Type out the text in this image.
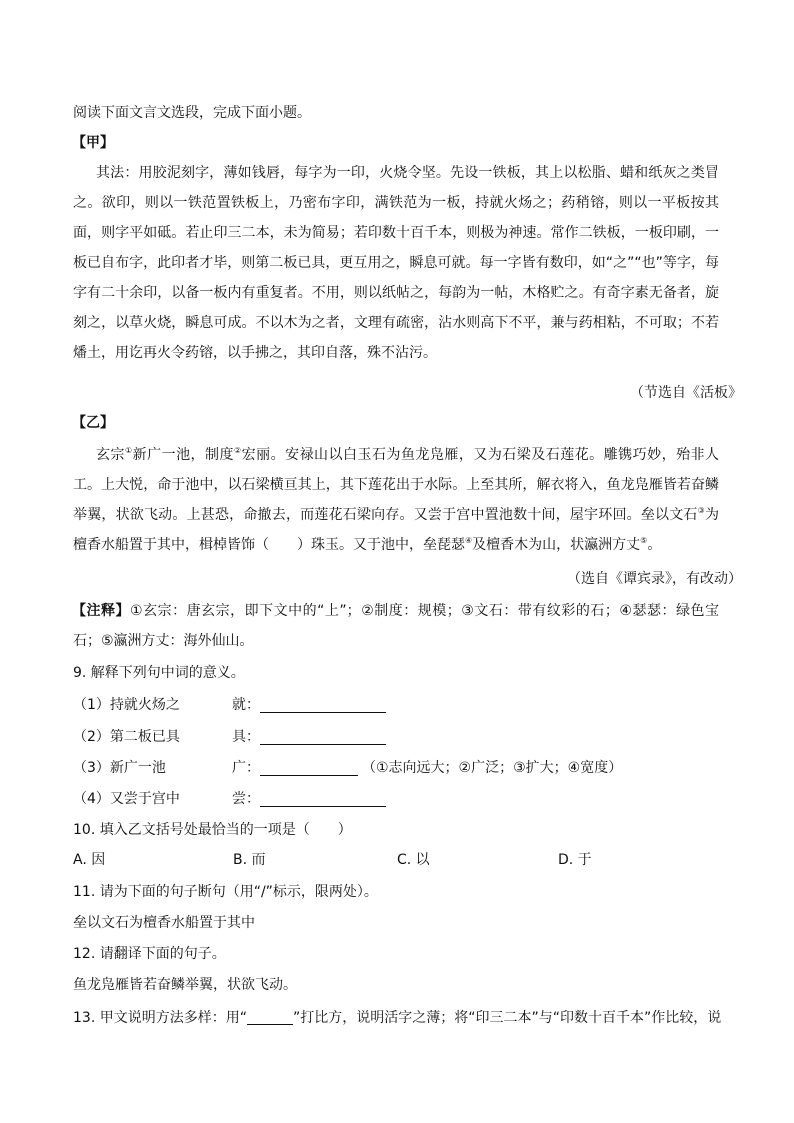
阅读下面文言文选段，完成下面小题。
【甲】
其法：用胶泥刻字，薄如钱唇，每字为一印，火烧令坚。先设一铁板，其上以松脂、蜡和纸灰之类冒
之。欲印，则以一铁范置铁板上，乃密布字印，满铁范为一板，持就火炀之；药稍镕，则以一平板按其
面，则字平如砥。若止印三二本，未为简易；若印数十百千本，则极为神速。常作二铁板，一板印刷，一
板已自布字，此印者才毕，则第二板已具，更互用之，瞬息可就。每一字皆有数印，如“之”“也”等字，每
字有二十余印，以备一板内有重复者。不用，则以纸帖之，每韵为一帖，木格贮之。有奇字素无备者，旋
刻之，以草火烧，瞬息可成。不以木为之者，文理有疏密，沾水则高下不平，兼与药相粘，不可取；不若
燔土，用讫再火令药镕，以手拂之，其印自落，殊不沾污。
（节选自《活板》
【乙】
玄宗①新广一池，制度②宏丽。安禄山以白玉石为鱼龙凫雁，又为石梁及石莲花。雕镌巧妙，殆非人
工。上大悦，命于池中，以石梁横亘其上，其下莲花出于水际。上至其所，解衣将入，鱼龙凫雁皆若奋鳞
举翼，状欲飞动。上甚恐，命撤去，而莲花石梁向存。又尝于宫中置池数十间，屋宇环回。垒以文石③为
檀香水船置于其中，楫棹皆饰（　　）珠玉。又于池中，垒琵瑟④及檀香木为山，状瀛洲方丈⑤。
（选自《谭宾录》，有改动）
【注释】①玄宗：唐玄宗，即下文中的“上”；②制度：规模；③文石：带有纹彩的石；④瑟瑟：绿色宝
石；⑤瀛洲方丈：海外仙山。
9. 解释下列句中词的意义。
（1）持就火炀之	就：
（2）第二板已具	具：
（3）新广一池	广：	（①志向远大；②广泛；③扩大；④宽度）
（4）又尝于宫中	尝：
10. 填入乙文括号处最恰当的一项是（　　）
A. 因	B. 而	C. 以	D. 于
11. 请为下面的句子断句（用“/”标示，限两处）。
垒以文石为檀香水船置于其中
12. 请翻译下面的句子。
鱼龙凫雁皆若奋鳞举翼，状欲飞动。
13. 甲文说明方法多样：用“	”打比方，说明活字之薄；将“印三二本”与“印数十百千本”作比较，说
